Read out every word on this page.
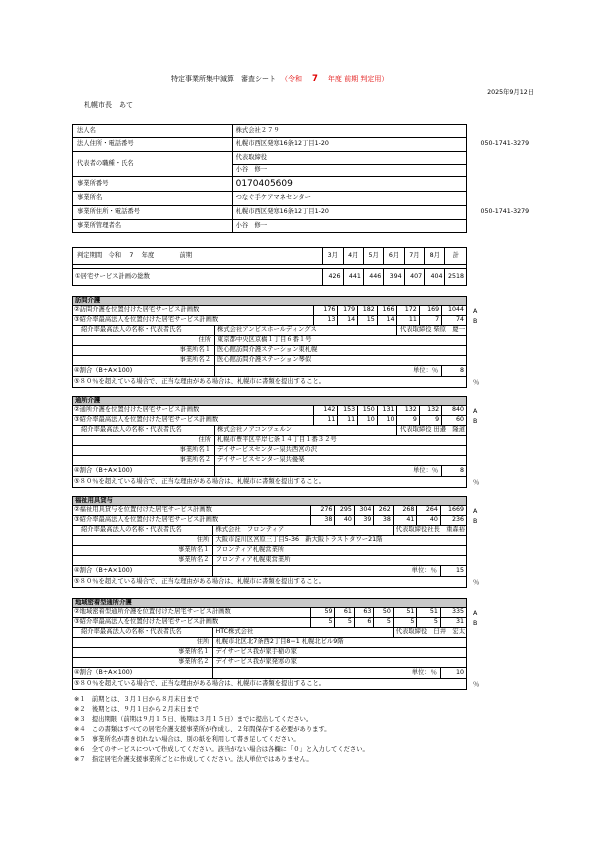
特定事業所集中減算　審査シート （令和 7 年度 前期 判定用）
2025年9月12日
札幌市長　あて
法人名	株式会社２７９
法人住所・電話番号	札幌市西区発寒16条12丁目1-20 050-1741-3279

代表者の職種・氏名	代表取締役
	小谷　修一
事業所番号	0170405609
事業所名	つなぐ手ケアマネセンター
事業所住所・電話番号	札幌市西区発寒16条12丁目1-20 050-1741-3279

事業所管理者名	小谷　修一
判定期間　令和　 7　 年度　　　　前期	3月	4月	5月	6月	7月	8月	計

①居宅サービス計画の総数	426	441	446	394	407	404	2518
訪問介護								
②訪問介護を位置付けた居宅サービス計画数		176	179	182	166	172	169	1044
③紹介率最高法人を位置付けた居宅サービス計画数		13	14	15	14	11	7	74
紹介率最高法人の名称・代表者氏名	株式会社アンビスホールディングス					代表取締役 柴原　慶一		
住所	東京都中央区京橋１丁目６番１号							
事業所名１	医心館訪問介護ステーション東札幌							
事業所名２	医心館訪問介護ステーション琴似							
④割合（B÷A×100)	単位：％							8
⑤８０％を超えている場合で、正当な理由がある場合は、札幌市に書類を提出すること。								
A
B
％
通所介護								
②通所介護を位置付けた居宅サービス計画数		142	153	150	131	132	132	840
③紹介率最高法人を位置付けた居宅サービス計画数		11	11	10	10	9	9	60
紹介率最高法人の名称・代表者氏名	株式会社ノアコンツェルン					代表取締役 田邉　隆道		
住所	札幌市豊平区平岸七条１４丁目１番３２号							
事業所名１	デイサービスセンター泉共西宮の沢							
事業所名２	デイサービスセンター泉共優楽							
④割合（B÷A×100)	単位：％							8
⑤８０％を超えている場合で、正当な理由がある場合は、札幌市に書類を提出すること。								
A
B
％
福祉用具貸与								
②福祉用具貸与を位置付けた居宅サービス計画数		276	295	304	262	268	264	1669
③紹介率最高法人を位置付けた居宅サービス計画数		38	40	39	38	41	40	236
紹介率最高法人の名称・代表者氏名	株式会社　フロンティア					代表取締役社長　重森裕		
住所	大阪市淀川区宮原三丁目5-36　新大阪トラストタワー21階							
事業所名１	フロンティア札幌営業所							
事業所名２	フロンティア札幌東営業所							
④割合（B÷A×100)	単位：％							15
⑤８０％を超えている場合で、正当な理由がある場合は、札幌市に書類を提出すること。								
A
B
％
地域密着型通所介護								
②地域密着型通所介護を位置付けた居宅サービス計画数		59	61	63	50	51	51	335
③紹介率最高法人を位置付けた居宅サービス計画数		5	5	6	5	5	5	31
紹介率最高法人の名称・代表者氏名	HTC株式会社					代表取締役　臼井　宏太		
住所	札幌市北区北7条西2丁目8−1 札幌北ビル9階							
事業所名１	デイサービス我が家手稲の家							
事業所名２	デイサービス我が家発寒の家							
④割合（B÷A×100)	単位：％							10
⑤８０％を超えている場合で、正当な理由がある場合は、札幌市に書類を提出すること。								
A
B
％
※１　前期とは、３月１日から８月末日まで
※２　後期とは、９月１日から２月末日まで
※３　提出期限（前期は９月１５日、後期は３月１５日）までに提出してください。
※４　この書類はすべての居宅介護支援事業所が作成し、２年間保存する必要があります。
※５　事業所名が書き切れない場合は、別の紙を利用して書き足してください。
※６　全てのサービスについて作成してください。該当がない場合は各欄に「０」と入力してください。
※７　指定居宅介護支援事業所ごとに作成してください。法人単位ではありません。
